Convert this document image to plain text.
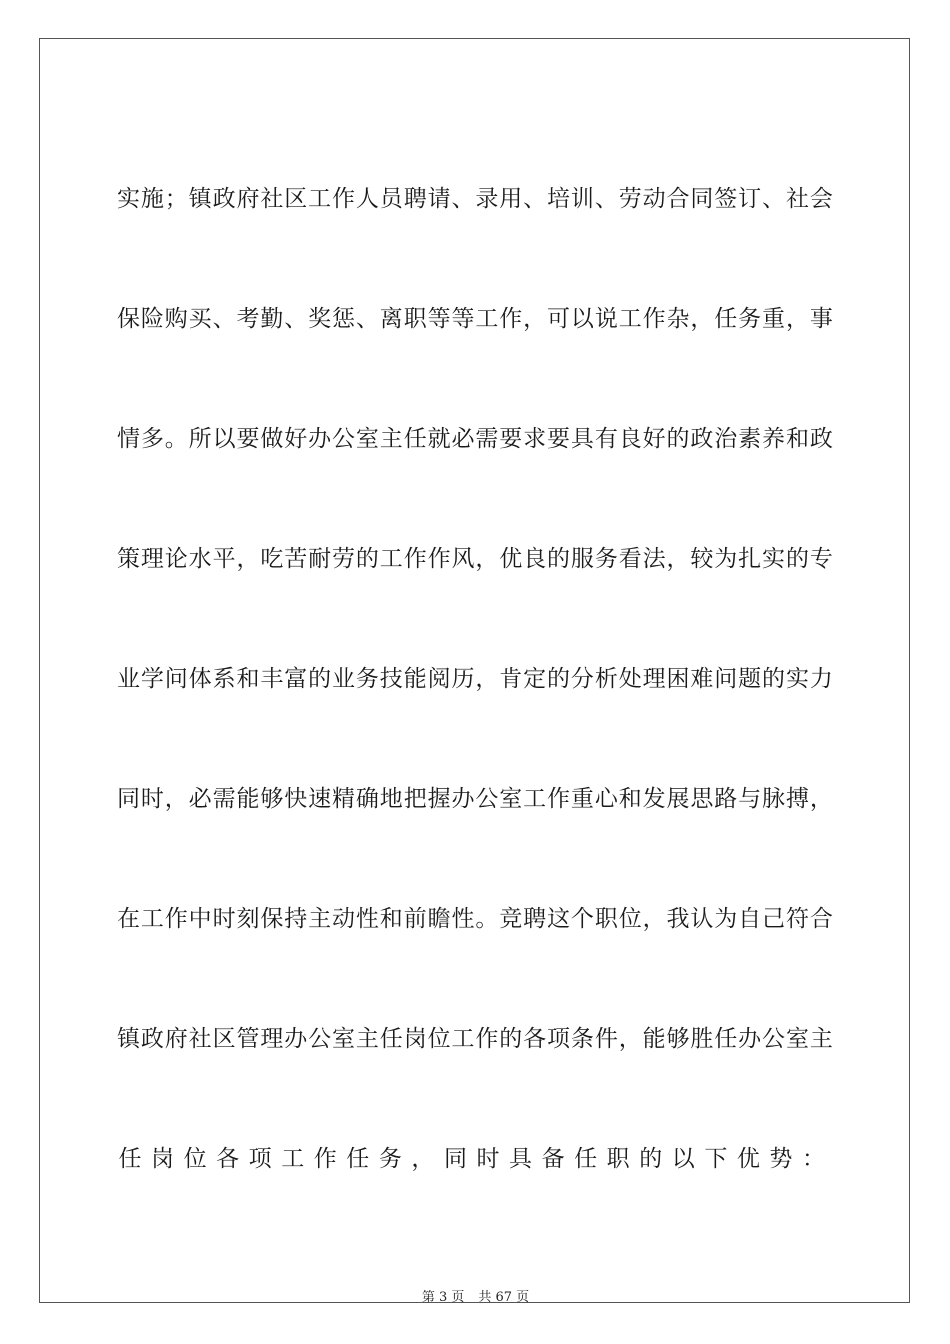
实 施 ； 镇 政 府 社 区 工 作 人 员 聘 请 、 录 用 、 培 训 、 劳 动 合 同 签 订 、 社 会
保 险 购 买 、 考 勤 、 奖 惩 、 离 职 等 等 工 作 ， 可 以 说 工 作 杂 ， 任 务 重 ， 事
情 多 。 所 以 要 做 好 办 公 室 主 任 就 必 需 要 求 要 具 有 良 好 的 政 治 素 养 和 政
策 理 论 水 平 ， 吃 苦 耐 劳 的 工 作 作 风 ， 优 良 的 服 务 看 法 ， 较 为 扎 实 的 专
业 学 问 体 系 和 丰 富 的 业 务 技 能 阅 历 ， 肯 定 的 分 析 处 理 困 难 问 题 的 实 力
同 时 ， 必 需 能 够 快 速 精 确 地 把 握 办 公 室 工 作 重 心 和 发 展 思 路 与 脉 搏 ，
在 工 作 中 时 刻 保 持 主 动 性 和 前 瞻 性 。 竞 聘 这 个 职 位 ， 我 认 为 自 己 符 合
镇 政 府 社 区 管 理 办 公 室 主 任 岗 位 工 作 的 各 项 条 件 ， 能 够 胜 任 办 公 室 主
任 岗 位 各 项 工 作 任 务 ， 同 时 具 备 任 职 的 以 下 优 势 ：
第 3 页 共 67 页
